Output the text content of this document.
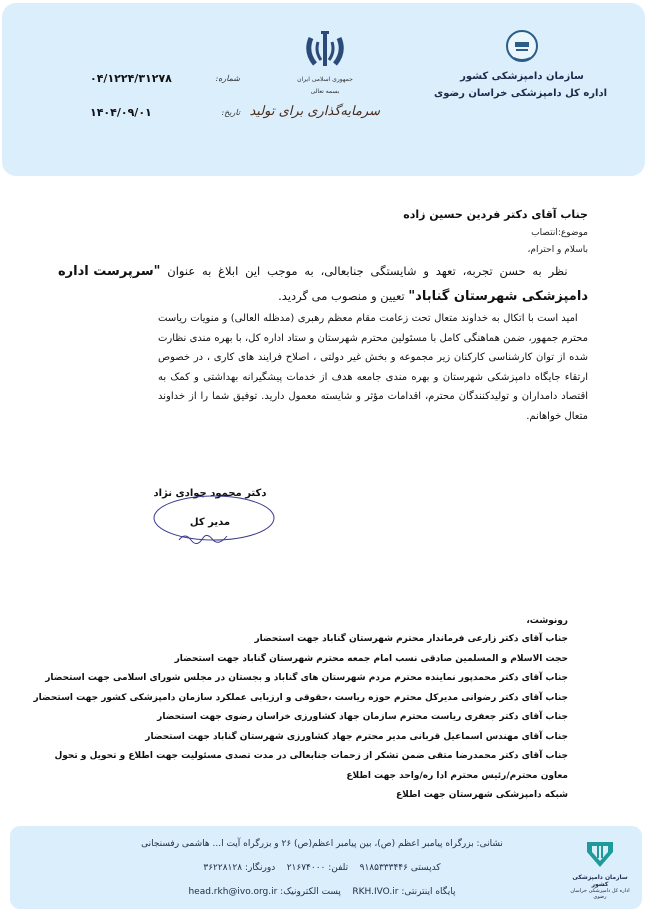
سازمان دامپزشکی کشور
اداره کل دامپزشکی خراسان رضوی
جمهوری اسلامی ایران
بسمه تعالی
سرمایه‌گذاری برای تولید
شماره:
۰۴/۱۲۲۴/۳۱۲۷۸
تاریخ:
۱۴۰۴/۰۹/۰۱

جناب آقای دکتر فردین حسین زاده

موضوع:انتصاب

باسلام و احترام،

نظر به حسن تجربه، تعهد و شایستگی جنابعالی، به موجب این ابلاغ به عنوان "سرپرست اداره دامپزشکی شهرستان گناباد" تعیین و منصوب می گردید.

امید است با اتکال به خداوند متعال تحت زعامت مقام معظم رهبری (مدظله العالی) و منویات ریاست محترم جمهور، ضمن هماهنگی کامل با مسئولین محترم شهرستان و ستاد اداره کل، با بهره مندی نظارت شده از توان کارشناسی کارکنان زیر مجموعه و بخش غیر دولتی ، اصلاح فرایند های کاری ، در خصوص ارتقاء جایگاه دامپزشکی شهرستان و بهره مندی جامعه هدف از خدمات پیشگیرانه بهداشتی و کمک به اقتصاد دامداران و تولیدکنندگان محترم، اقدامات مؤثر و شایسته معمول دارید. توفیق شما را از خداوند متعال خواهانم.

دکتر محمود جوادی نژاد
مدیر کل

رونوشت،

جناب آقای دکتر زارعی فرماندار محترم شهرستان گناباد جهت استحضار

حجت الاسلام و المسلمین صادقی نسب امام جمعه محترم شهرستان گناباد جهت استحضار

جناب آقای دکتر محمدپور نماینده محترم مردم شهرستان های گناباد و بجستان در مجلس شورای اسلامی جهت استحضار

جناب آقای دکتر رضوانی مدیرکل محترم حوزه ریاست ،حقوقی و ارزیابی عملکرد سازمان دامپزشکی کشور جهت استحضار

جناب آقای دکتر جعفری ریاست محترم سازمان جهاد کشاورزی خراسان رضوی جهت استحضار

جناب آقای مهندس اسماعیل قربانی مدیر محترم جهاد کشاورزی شهرستان گناباد جهت استحضار

جناب آقای دکتر محمدرضا متقی ضمن تشکر از زحمات جنابعالی در مدت تصدی مسئولیت جهت اطلاع و تحویل و تحول

معاون محترم/رئیس محترم ادا ره/واحد جهت اطلاع

شبکه دامپزشکی شهرستان جهت اطلاع

سازمان دامپزشکی کشور
اداره کل دامپزشکی خراسان رضوی
نشانی: بزرگراه پیامبر اعظم (ص)، بین پیامبر اعظم(ص) ۲۶ و بزرگراه آیت ا... هاشمی رفسنجانی
کدپستی ۹۱۸۵۳۳۳۴۴۶    تلفن: ۲۱۶۷۴۰۰۰    دورنگار: ۳۶۲۲۸۱۲۸
پایگاه اینترنتی: RKH.IVO.ir    پست الکترونیک: head.rkh@ivo.org.ir
